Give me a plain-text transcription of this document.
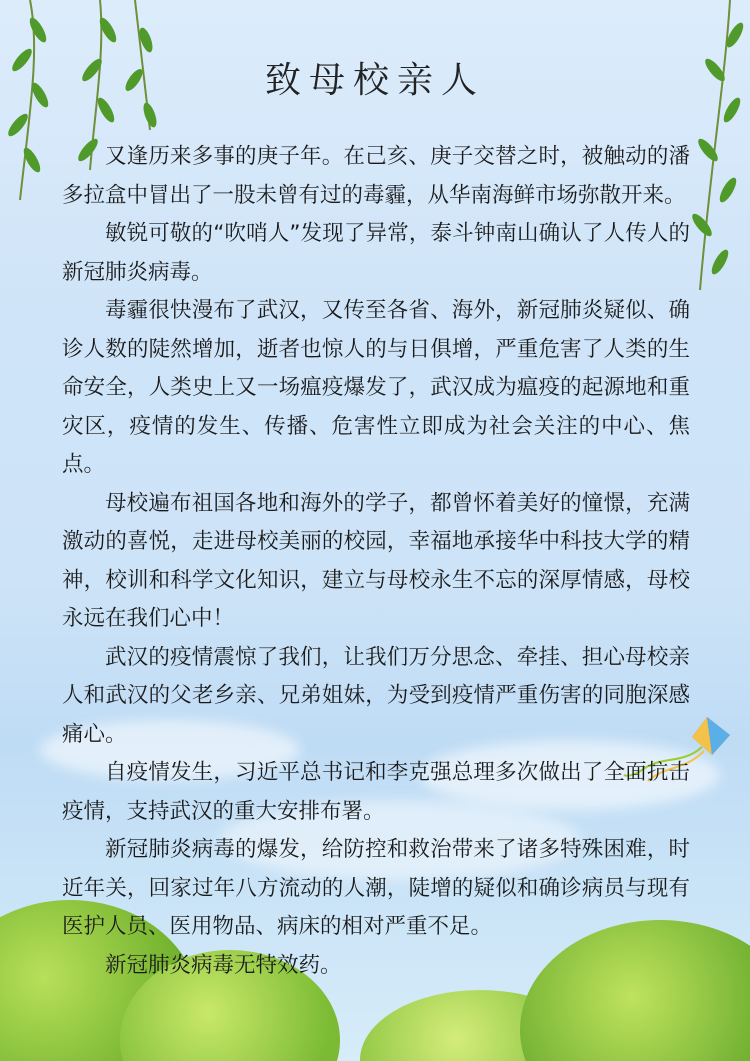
致母校亲人

又逢历来多事的庚子年。在己亥、庚子交替之时，被触动的潘多拉盒中冒出了一股未曾有过的毒霾，从华南海鲜市场弥散开来。

敏锐可敬的“吹哨人”发现了异常，泰斗钟南山确认了人传人的新冠肺炎病毒。

毒霾很快漫布了武汉，又传至各省、海外，新冠肺炎疑似、确诊人数的陡然增加，逝者也惊人的与日俱增，严重危害了人类的生命安全，人类史上又一场瘟疫爆发了，武汉成为瘟疫的起源地和重灾区，疫情的发生、传播、危害性立即成为社会关注的中心、焦点。

母校遍布祖国各地和海外的学子，都曾怀着美好的憧憬，充满激动的喜悦，走进母校美丽的校园，幸福地承接华中科技大学的精神，校训和科学文化知识，建立与母校永生不忘的深厚情感，母校永远在我们心中！

武汉的疫情震惊了我们，让我们万分思念、牵挂、担心母校亲人和武汉的父老乡亲、兄弟姐妹，为受到疫情严重伤害的同胞深感痛心。

自疫情发生，习近平总书记和李克强总理多次做出了全面抗击疫情，支持武汉的重大安排布署。

新冠肺炎病毒的爆发，给防控和救治带来了诸多特殊困难，时近年关，回家过年八方流动的人潮，陡增的疑似和确诊病员与现有医护人员、医用物品、病床的相对严重不足。

新冠肺炎病毒无特效药。
